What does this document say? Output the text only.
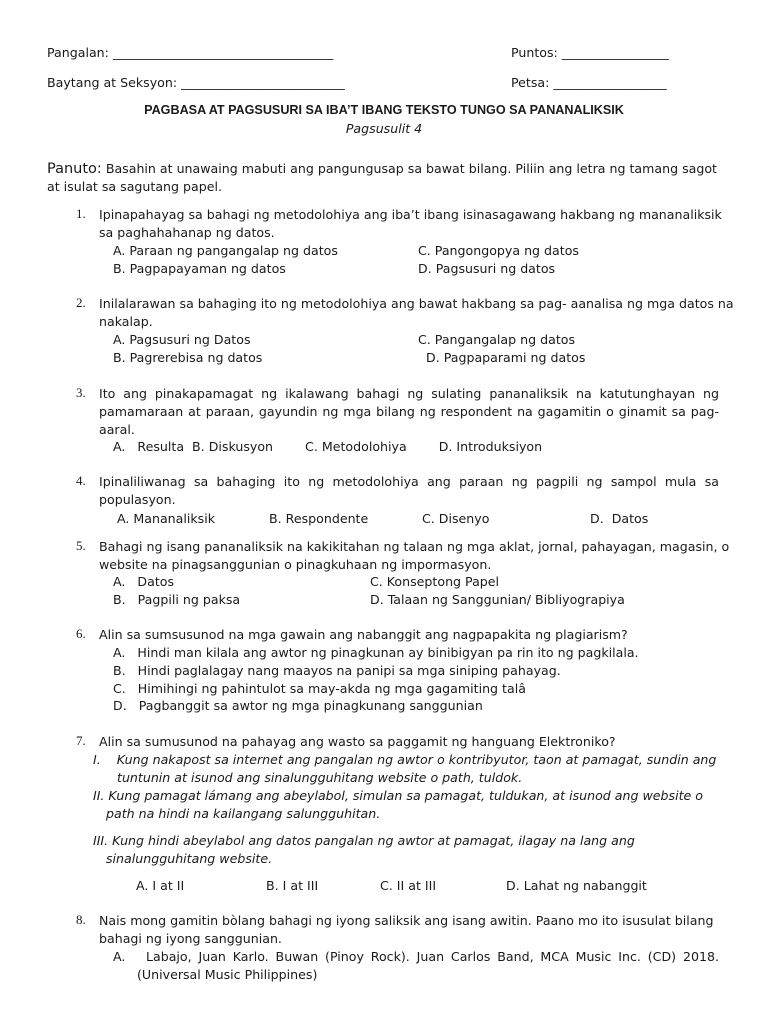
Pangalan: ___________________________________	Puntos: _________________
Baytang at Seksyon: __________________________	Petsa: __________________
PAGBASA AT PAGSUSURI SA IBA’T IBANG TEKSTO TUNGO SA PANANALIKSIK
Pagsusulit 4
Panuto: Basahin at unawaing mabuti ang pangungusap sa bawat bilang. Piliin ang letra ng tamang sagot
at isulat sa sagutang papel.
1. Ipinapahayag sa bahagi ng metodolohiya ang iba’t ibang isinasagawang hakbang ng mananaliksik
sa paghahahanap ng datos.
A. Paraan ng pangangalap ng datos	C. Pangongopya ng datos
B. Pagpapayaman ng datos	D. Pagsusuri ng datos
2. Inilalarawan sa bahaging ito ng metodolohiya ang bawat hakbang sa pag- aanalisa ng mga datos na
nakalap.
A. Pagsusuri ng Datos	C. Pangangalap ng datos
B. Pagrerebisa ng datos	D. Pagpaparami ng datos
3. Ito ang pinakapamagat ng ikalawang bahagi ng sulating pananaliksik na katutunghayan ng
pamamaraan at paraan, gayundin ng mga bilang ng respondent na gagamitin o ginamit sa pag-
aaral.
A.   Resulta  B. Diskusyon        C. Metodolohiya        D. Introduksiyon
4. Ipinaliliwanag sa bahaging ito ng metodolohiya ang paraan ng pagpili ng sampol mula sa
populasyon.
A. Mananaliksik	B. Respondente	C. Disenyo	D.  Datos
5. Bahagi ng isang pananaliksik na kakikitahan ng talaan ng mga aklat, jornal, pahayagan, magasin, o
website na pinagsanggunian o pinagkuhaan ng impormasyon.
A.   Datos	C. Konseptong Papel
B.   Pagpili ng paksa	D. Talaan ng Sanggunian/ Bibliyograpiya
6. Alin sa sumsusunod na mga gawain ang nabanggit ang nagpapakita ng plagiarism?
A.   Hindi man kilala ang awtor ng pinagkunan ay binibigyan pa rin ito ng pagkilala.
B.   Hindi paglalagay nang maayos na panipi sa mga siniping pahayag.
C.   Himihingi ng pahintulot sa may-akda ng mga gagamiting talâ
D.   Pagbanggit sa awtor ng mga pinagkunang sanggunian
7. Alin sa sumusunod na pahayag ang wasto sa paggamit ng hanguang Elektroniko?
I.    Kung nakapost sa internet ang pangalan ng awtor o kontribyutor, taon at pamagat, sundin ang
tuntunin at isunod ang sinalungguhitang website o path, tuldok.
II. Kung pamagat lámang ang abeylabol, simulan sa pamagat, tuldukan, at isunod ang website o
path na hindi na kailangang salungguhitan.
III. Kung hindi abeylabol ang datos pangalan ng awtor at pamagat, ilagay na lang ang
sinalungguhitang website.
A. I at II	B. I at III	C. II at III	D. Lahat ng nabanggit
8. Nais mong gamitin bòlang bahagi ng iyong saliksik ang isang awitin. Paano mo ito isusulat bilang
bahagi ng iyong sanggunian.
A.   Labajo, Juan Karlo. Buwan (Pinoy Rock). Juan Carlos Band, MCA Music Inc. (CD) 2018.
(Universal Music Philippines)
